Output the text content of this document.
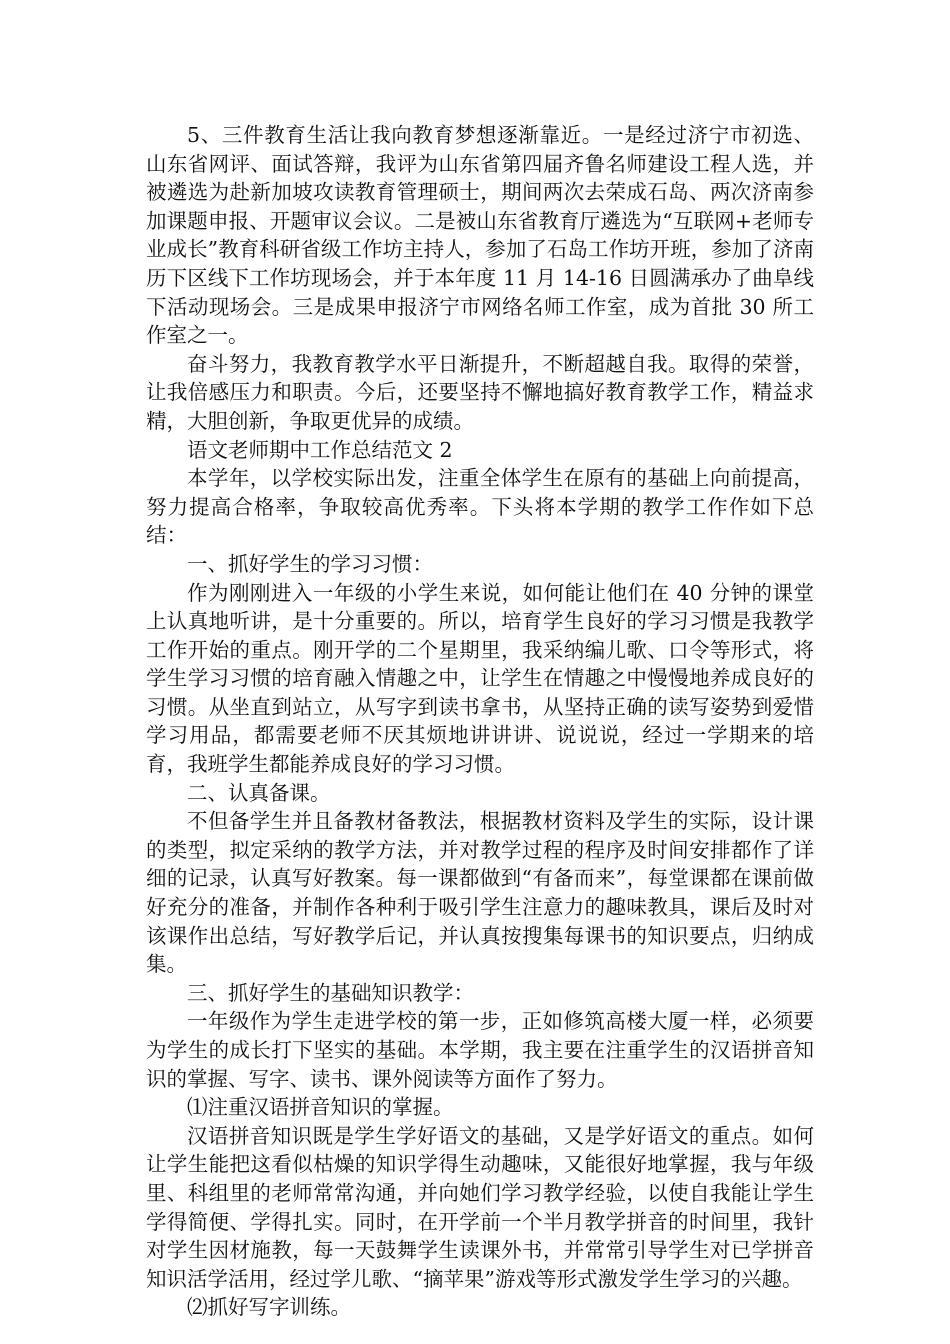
5、三件教育生活让我向教育梦想逐渐靠近。一是经过济宁市初选、山东省网评、面试答辩，我评为山东省第四届齐鲁名师建设工程人选，并被遴选为赴新加坡攻读教育管理硕士，期间两次去荣成石岛、两次济南参加课题申报、开题审议会议。二是被山东省教育厅遴选为“互联网+老师专业成长”教育科研省级工作坊主持人，参加了石岛工作坊开班，参加了济南历下区线下工作坊现场会，并于本年度 11 月 14-16 日圆满承办了曲阜线下活动现场会。三是成果申报济宁市网络名师工作室，成为首批 30 所工作室之一。

奋斗努力，我教育教学水平日渐提升，不断超越自我。取得的荣誉，让我倍感压力和职责。今后，还要坚持不懈地搞好教育教学工作，精益求精，大胆创新，争取更优异的成绩。

语文老师期中工作总结范文 2

本学年，以学校实际出发，注重全体学生在原有的基础上向前提高，努力提高合格率，争取较高优秀率。下头将本学期的教学工作作如下总结：

一、抓好学生的学习习惯：

作为刚刚进入一年级的小学生来说，如何能让他们在 40 分钟的课堂上认真地听讲，是十分重要的。所以，培育学生良好的学习习惯是我教学工作开始的重点。刚开学的二个星期里，我采纳编儿歌、口令等形式，将学生学习习惯的培育融入情趣之中，让学生在情趣之中慢慢地养成良好的习惯。从坐直到站立，从写字到读书拿书，从坚持正确的读写姿势到爱惜学习用品，都需要老师不厌其烦地讲讲讲、说说说，经过一学期来的培育，我班学生都能养成良好的学习习惯。

二、认真备课。

不但备学生并且备教材备教法，根据教材资料及学生的实际，设计课的类型，拟定采纳的教学方法，并对教学过程的程序及时间安排都作了详细的记录，认真写好教案。每一课都做到“有备而来”，每堂课都在课前做好充分的准备，并制作各种利于吸引学生注意力的趣味教具，课后及时对该课作出总结，写好教学后记，并认真按搜集每课书的知识要点，归纳成集。

三、抓好学生的基础知识教学：

一年级作为学生走进学校的第一步，正如修筑高楼大厦一样，必须要为学生的成长打下坚实的基础。本学期，我主要在注重学生的汉语拼音知识的掌握、写字、读书、课外阅读等方面作了努力。

⑴注重汉语拼音知识的掌握。

汉语拼音知识既是学生学好语文的基础，又是学好语文的重点。如何让学生能把这看似枯燥的知识学得生动趣味，又能很好地掌握，我与年级里、科组里的老师常常沟通，并向她们学习教学经验，以使自我能让学生学得简便、学得扎实。同时，在开学前一个半月教学拼音的时间里，我针对学生因材施教，每一天鼓舞学生读课外书，并常常引导学生对已学拼音知识活学活用，经过学儿歌、“摘苹果”游戏等形式激发学生学习的兴趣。

⑵抓好写字训练。
